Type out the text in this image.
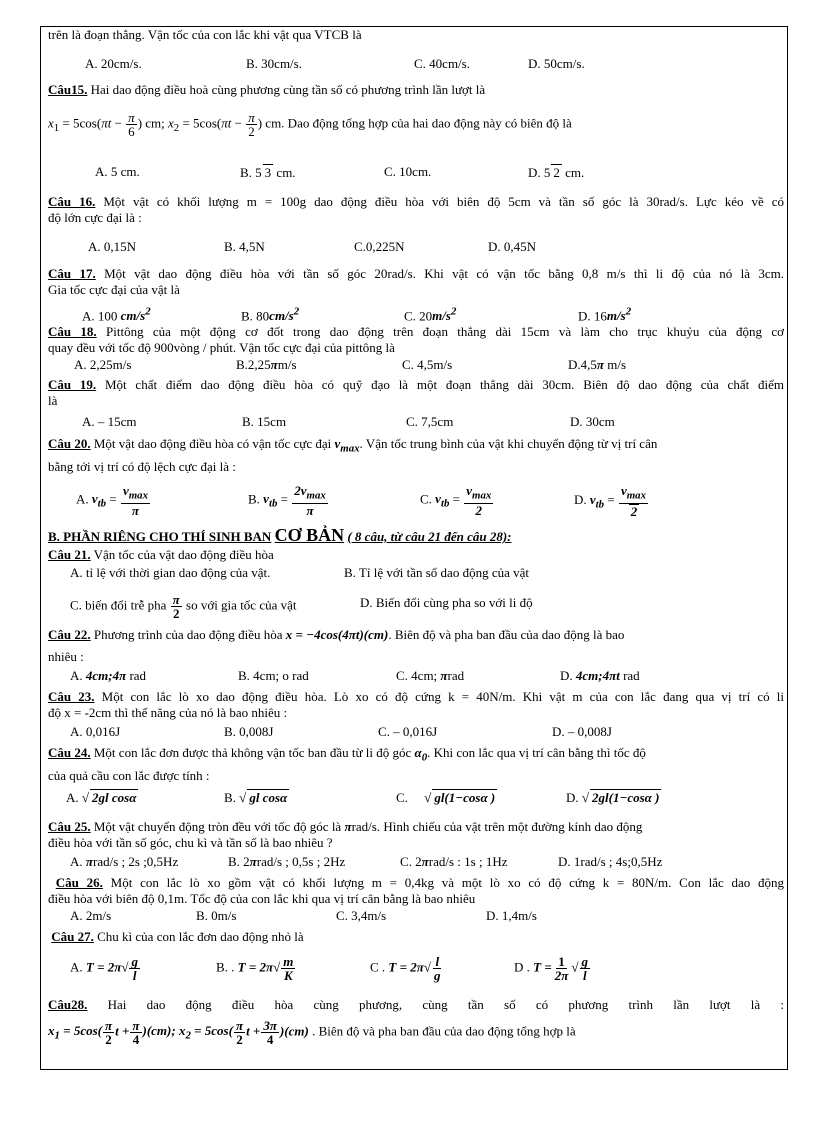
trên là đoạn thẳng. Vận tốc của con lắc khi vật qua VTCB là
A. 20cm/s.	B. 30cm/s.	C. 40cm/s.	D. 50cm/s.
Câu15. Hai dao động điều hoà cùng phương cùng tần số có phương trình lần lượt là
$x_1 = 5\cos(\pi t - \frac{\pi}{6}$ ) cm; $x_2 = 5\cos(\pi t - \frac{\pi}{2}$ ) cm. Dao động tổng hợp của hai dao động này có biên độ là
A. 5 cm.	B. 5 3 cm.	C. 10cm.	D. 5 2 cm.
Câu 16. Một vật có khối lượng m = 100g dao động điều hòa với biên độ 5cm và tần số góc là 30rad/s. Lực kéo về có
độ lớn cực đại là :
A. 0,15N	B. 4,5N	C.0,225N	D. 0,45N
Câu 17. Một vật dao động điều hòa với tần số góc 20rad/s. Khi vật có vận tốc bằng 0,8 m/s thì li độ của nó là 3cm.
Gia tốc cực đại của vật là
A. 100 $cm/s^2$	B. $80cm/s^2$	C. $20m/s^2$	D. $16m/s^2$
Câu 18. Pittông của một động cơ đốt trong dao động trên đoạn thẳng dài 15cm và làm cho trục khuỷu của động cơ
quay đều với tốc độ 900vòng / phút. Vận tốc cực đại của pittông là
A. 2,25m/s	B.2,25πm/s	C. 4,5m/s	D.4,5π m/s
Câu 19. Một chất điểm dao động điều hòa có quỹ đạo là một đoạn thẳng dài 30cm. Biên độ dao động của chất điểm
là
A. – 15cm	B. 15cm	C. 7,5cm	D. 30cm
Câu 20. Một vật dao động điều hòa có vận tốc cực đại $v_{max}$. Vận tốc trung bình của vật khi chuyển động từ vị trí cân
bằng tới vị trí có độ lệch cực đại là :
A. $v_{tb} = \frac{v_{max}}{\pi}$	B. $v_{tb} = \frac{2v_{max}}{\pi}$	C. $v_{tb} = \frac{v_{max}}{2}$	D. $v_{tb} = \frac{v_{max}}{2}$
B. PHẦN RIÊNG CHO THÍ SINH BAN CƠ BẢN ( 8 câu, từ câu 21 đến câu 28):
Câu 21. Vận tốc của vật dao động điều hòa
A. tỉ lệ với thời gian dao động của vật.	B. Tỉ lệ với tần số dao động của vật
C. biến đổi trễ pha $\frac{\pi}{2}$ so với gia tốc của vật	D. Biến đổi cùng pha so với li độ
Câu 22. Phương trình của dao động điều hòa x = −4cos(4πt)(cm). Biên độ và pha ban đầu của dao động là bao
nhiêu :
A. 4cm;4π rad	B. 4cm; o rad	C. 4cm; πrad	D. 4cm;4πt rad
Câu 23. Một con lắc lò xo dao động điều hòa. Lò xo có độ cứng k = 40N/m. Khi vật m của con lắc đang qua vị trí có li
độ x = -2cm thì thế năng của nó là bao nhiêu :
A. 0,016J	B. 0,008J	C. – 0,016J	D. – 0,008J
Câu 24. Một con lắc đơn được thả không vận tốc ban đầu từ li độ góc $\alpha_0$. Khi con lắc qua vị trí cân bằng thì tốc độ
của quả cầu con lắc được tính :
A. √ 2gl cosα	B. √ gl cosα	C.     √ gl(1−cosα )	D. √ 2gl(1−cosα )
Câu 25. Một vật chuyển động tròn đều với tốc độ góc là πrad/s. Hình chiếu của vật trên một đường kính dao động
điều hòa với tần số góc, chu kì và tần số là bao nhiêu ?
A. πrad/s ; 2s ;0,5Hz	B. 2πrad/s ; 0,5s ; 2Hz	C. 2πrad/s : 1s ; 1Hz	D. 1rad/s ; 4s;0,5Hz
Câu 26. Một con lắc lò xo gồm vật có khối lượng m = 0,4kg và một lò xo có độ cứng k = 80N/m. Con lắc dao động
điều hòa với biên độ 0,1m. Tốc độ của con lắc khi qua vị trí cân bằng là bao nhiêu
A. 2m/s	B. 0m/s	C. 3,4m/s	D. 1,4m/s
Câu 27. Chu kì của con lắc đơn dao động nhỏ là
A. $T = 2\pi√ \frac{g}{l}$	B. . $T = 2\pi√ \frac{m}{K}$	C . $T = 2\pi√ \frac{l}{g}$	D . $T = \frac{1}{2\pi}$ √ $\frac{g}{l}$
Câu28. Hai dao động điều hòa cùng phương, cùng tần số có phương trình lần lượt là :
$x_1 = 5\cos( \frac{\pi}{2}$ $t + \frac{\pi}{4} )(cm)$; $x_2 = 5\cos( \frac{\pi}{2}$ $t + \frac{3\pi}{4} )(cm)$ . Biên độ và pha ban đầu của dao động tổng hợp là
